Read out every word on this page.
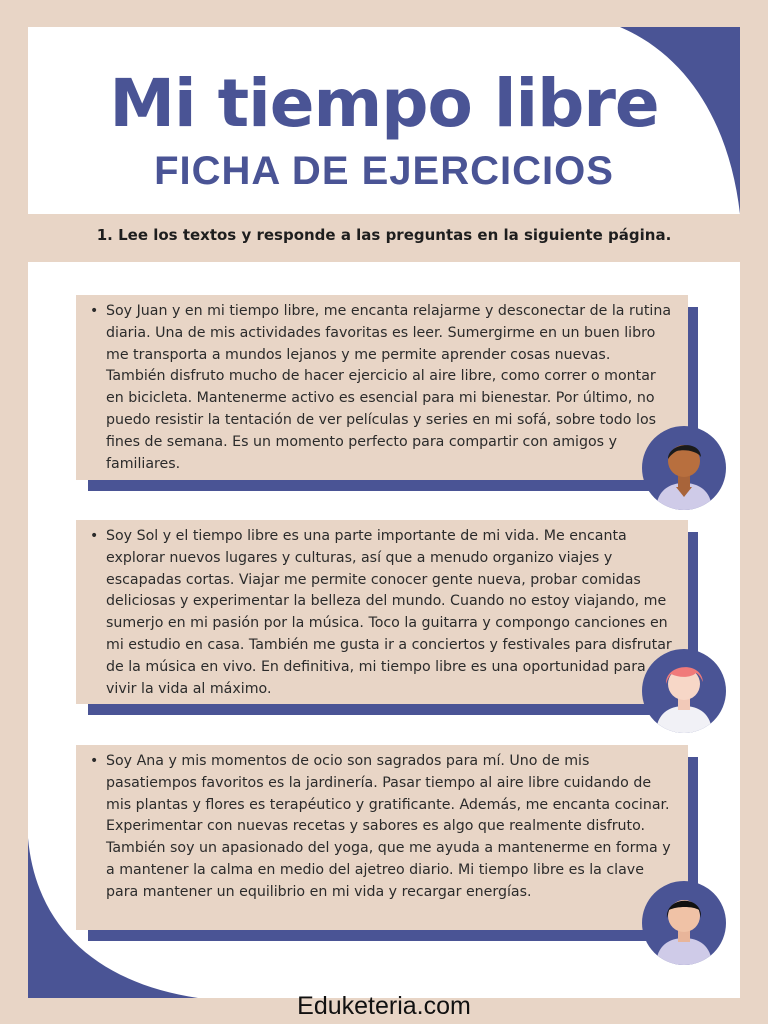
Mi tiempo libre
FICHA DE EJERCICIOS
1. Lee los textos y responde a las preguntas en la siguiente página.
• Soy Juan y en mi tiempo libre, me encanta relajarme y desconectar de la rutina diaria. Una de mis actividades favoritas es leer. Sumergirme en un buen libro me transporta a mundos lejanos y me permite aprender cosas nuevas. También disfruto mucho de hacer ejercicio al aire libre, como correr o montar en bicicleta. Mantenerme activo es esencial para mi bienestar. Por último, no puedo resistir la tentación de ver películas y series en mi sofá, sobre todo los fines de semana. Es un momento perfecto para compartir con amigos y familiares.
• Soy Sol y el tiempo libre es una parte importante de mi vida. Me encanta explorar nuevos lugares y culturas, así que a menudo organizo viajes y escapadas cortas. Viajar me permite conocer gente nueva, probar comidas deliciosas y experimentar la belleza del mundo. Cuando no estoy viajando, me sumerjo en mi pasión por la música. Toco la guitarra y compongo canciones en mi estudio en casa. También me gusta ir a conciertos y festivales para disfrutar de la música en vivo. En definitiva, mi tiempo libre es una oportunidad para vivir la vida al máximo.
• Soy Ana y mis momentos de ocio son sagrados para mí. Uno de mis pasatiempos favoritos es la jardinería. Pasar tiempo al aire libre cuidando de mis plantas y flores es terapéutico y gratificante. Además, me encanta cocinar. Experimentar con nuevas recetas y sabores es algo que realmente disfruto. También soy un apasionado del yoga, que me ayuda a mantenerme en forma y a mantener la calma en medio del ajetreo diario. Mi tiempo libre es la clave para mantener un equilibrio en mi vida y recargar energías.
Eduketeria.com
